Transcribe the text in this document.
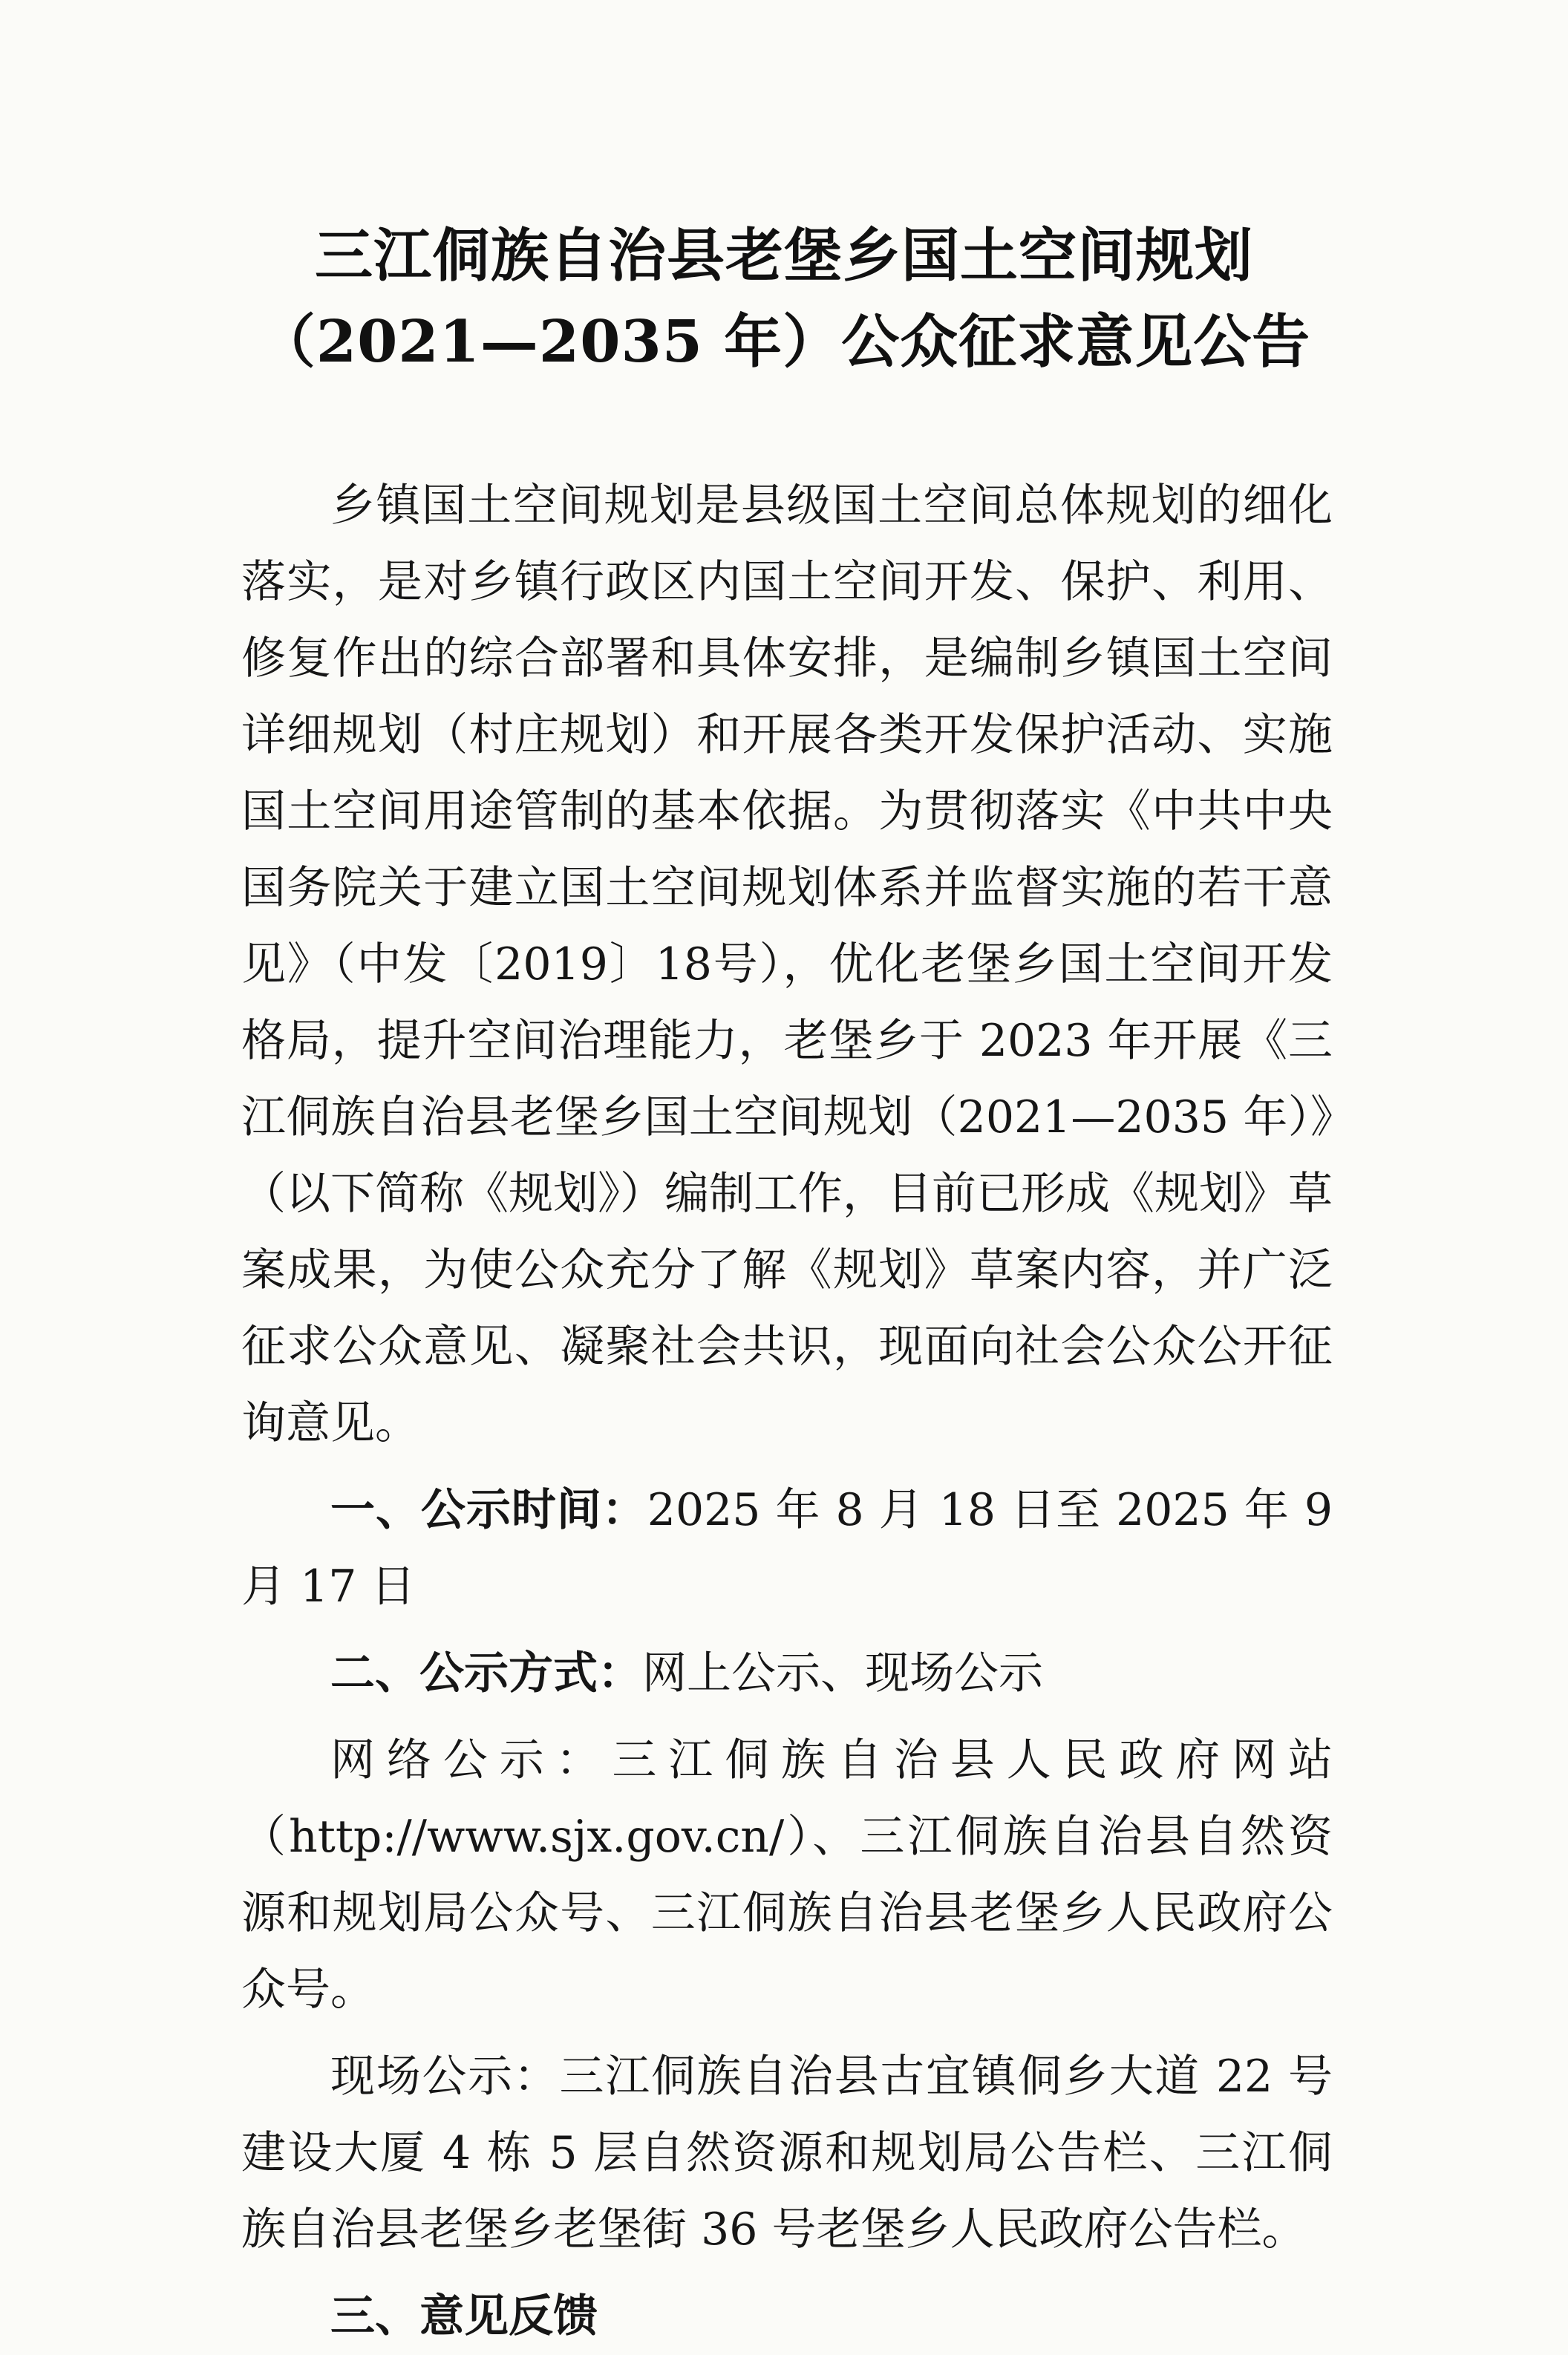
三江侗族自治县老堡乡国土空间规划
（2021—2035 年）公众征求意见公告

乡镇国土空间规划是县级国土空间总体规划的细化落实，是对乡镇行政区内国土空间开发、保护、利用、修复作出的综合部署和具体安排，是编制乡镇国土空间详细规划（村庄规划）和开展各类开发保护活动、实施国土空间用途管制的基本依据。为贯彻落实《中共中央国务院关于建立国土空间规划体系并监督实施的若干意见》（中发〔2019〕18号），优化老堡乡国土空间开发格局，提升空间治理能力，老堡乡于 2023 年开展《三江侗族自治县老堡乡国土空间规划（2021—2035 年）》（以下简称《规划》）编制工作，目前已形成《规划》草案成果，为使公众充分了解《规划》草案内容，并广泛征求公众意见、凝聚社会共识，现面向社会公众公开征询意见。

一、公示时间：2025 年 8 月 18 日至 2025 年 9 月 17 日

二、公示方式：网上公示、现场公示

网络公示：三江侗族自治县人民政府网站（http://www.sjx.gov.cn/）、三江侗族自治县自然资源和规划局公众号、三江侗族自治县老堡乡人民政府公众号。

现场公示：三江侗族自治县古宜镇侗乡大道 22 号建设大厦 4 栋 5 层自然资源和规划局公告栏、三江侗族自治县老堡乡老堡街 36 号老堡乡人民政府公告栏。

三、意见反馈
